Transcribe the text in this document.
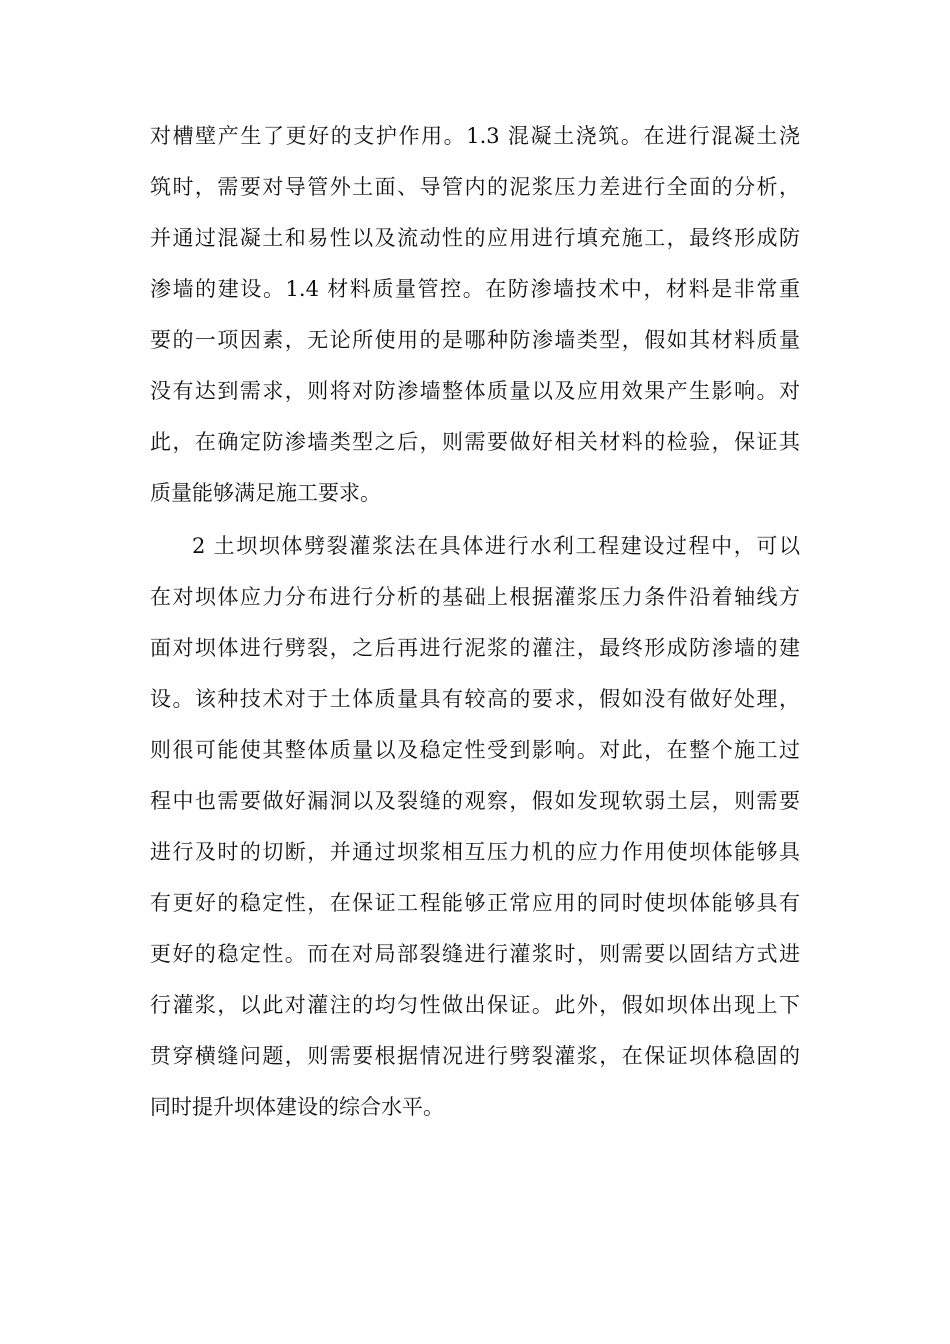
对槽壁产生了更好的支护作用。1.3 混凝土浇筑。在进行混凝土浇
筑时，需要对导管外土面、导管内的泥浆压力差进行全面的分析，
并通过混凝土和易性以及流动性的应用进行填充施工，最终形成防
渗墙的建设。1.4 材料质量管控。在防渗墙技术中，材料是非常重
要的一项因素，无论所使用的是哪种防渗墙类型，假如其材料质量
没有达到需求，则将对防渗墙整体质量以及应用效果产生影响。对
此，在确定防渗墙类型之后，则需要做好相关材料的检验，保证其
质量能够满足施工要求。
2 土坝坝体劈裂灌浆法在具体进行水利工程建设过程中，可以
在对坝体应力分布进行分析的基础上根据灌浆压力条件沿着轴线方
面对坝体进行劈裂，之后再进行泥浆的灌注，最终形成防渗墙的建
设。该种技术对于土体质量具有较高的要求，假如没有做好处理，
则很可能使其整体质量以及稳定性受到影响。对此，在整个施工过
程中也需要做好漏洞以及裂缝的观察，假如发现软弱土层，则需要
进行及时的切断，并通过坝浆相互压力机的应力作用使坝体能够具
有更好的稳定性，在保证工程能够正常应用的同时使坝体能够具有
更好的稳定性。而在对局部裂缝进行灌浆时，则需要以固结方式进
行灌浆，以此对灌注的均匀性做出保证。此外，假如坝体出现上下
贯穿横缝问题，则需要根据情况进行劈裂灌浆，在保证坝体稳固的
同时提升坝体建设的综合水平。
